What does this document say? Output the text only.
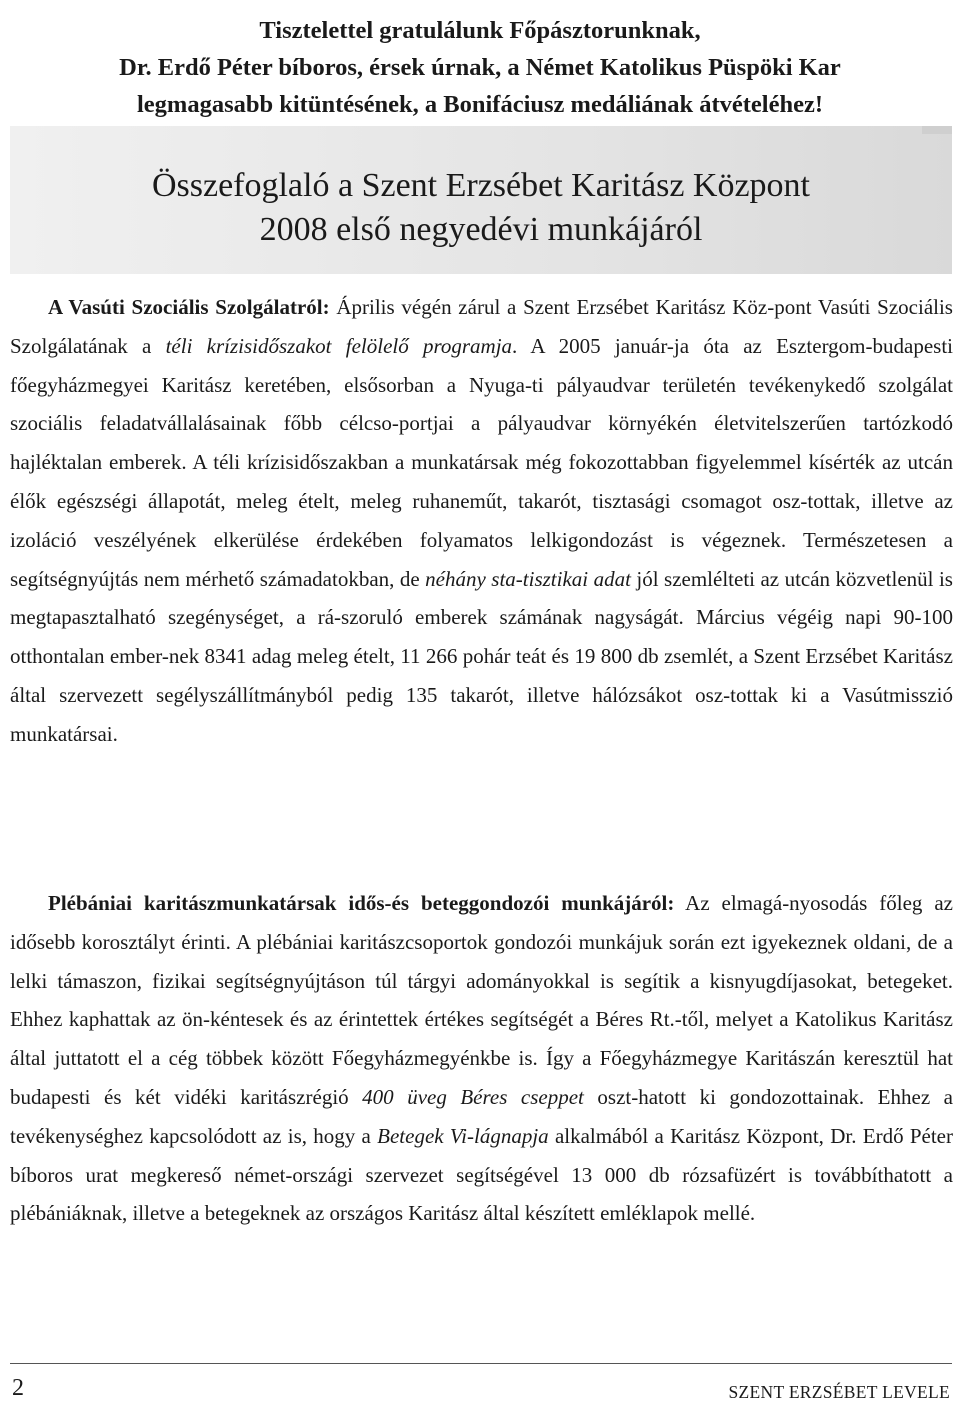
Tisztelettel gratulálunk Főpásztorunknak,
Dr. Erdő Péter bíboros, érsek úrnak, a Német Katolikus Püspöki Kar
legmagasabb kitüntésének, a Bonifáciusz medáliának átvételéhez!
Összefoglaló a Szent Erzsébet Karitász Központ
2008 első negyedévi munkájáról

A Vasúti Szociális Szolgálatról: Április végén zárul a Szent Erzsébet Karitász Köz-pont Vasúti Szociális Szolgálatának a téli krízisidőszakot felölelő programja. A 2005 január-ja óta az Esztergom-budapesti főegyházmegyei Karitász keretében, elsősorban a Nyuga-ti pályaudvar területén tevékenykedő szolgálat szociális feladatvállalásainak főbb célcso-portjai a pályaudvar környékén életvitelszerűen tartózkodó hajléktalan emberek. A téli krízisidőszakban a munkatársak még fokozottabban figyelemmel kísérték az utcán élők egészségi állapotát, meleg ételt, meleg ruhaneműt, takarót, tisztasági csomagot osz-tottak, illetve az izoláció veszélyének elkerülése érdekében folyamatos lelkigondozást is végeznek. Természetesen a segítségnyújtás nem mérhető számadatokban, de néhány sta-tisztikai adat jól szemlélteti az utcán közvetlenül is megtapasztalható szegénységet, a rá-szoruló emberek számának nagyságát. Március végéig napi 90-100 otthontalan ember-nek 8341 adag meleg ételt, 11 266 pohár teát és 19 800 db zsemlét, a Szent Erzsébet Karitász által szervezett segélyszállítmányból pedig 135 takarót, illetve hálózsákot osz-tottak ki a Vasútmisszió munkatársai.

Plébániai karitászmunkatársak idős-és beteggondozói munkájáról: Az elmagá-nyosodás főleg az idősebb korosztályt érinti. A plébániai karitászcsoportok gondozói munkájuk során ezt igyekeznek oldani, de a lelki támaszon, fizikai segítségnyújtáson túl tárgyi adományokkal is segítik a kisnyugdíjasokat, betegeket. Ehhez kaphattak az ön-kéntesek és az érintettek értékes segítségét a Béres Rt.-től, melyet a Katolikus Karitász által juttatott el a cég többek között Főegyházmegyénkbe is. Így a Főegyházmegye Karitászán keresztül hat budapesti és két vidéki karitászrégió 400 üveg Béres cseppet oszt-hatott ki gondozottainak. Ehhez a tevékenységhez kapcsolódott az is, hogy a Betegek Vi-lágnapja alkalmából a Karitász Központ, Dr. Erdő Péter bíboros urat megkereső német-országi szervezet segítségével 13 000 db rózsafüzért is továbbíthatott a plébániáknak, illetve a betegeknek az országos Karitász által készített emléklapok mellé.

2	SZENT ERZSÉBET LEVELE
